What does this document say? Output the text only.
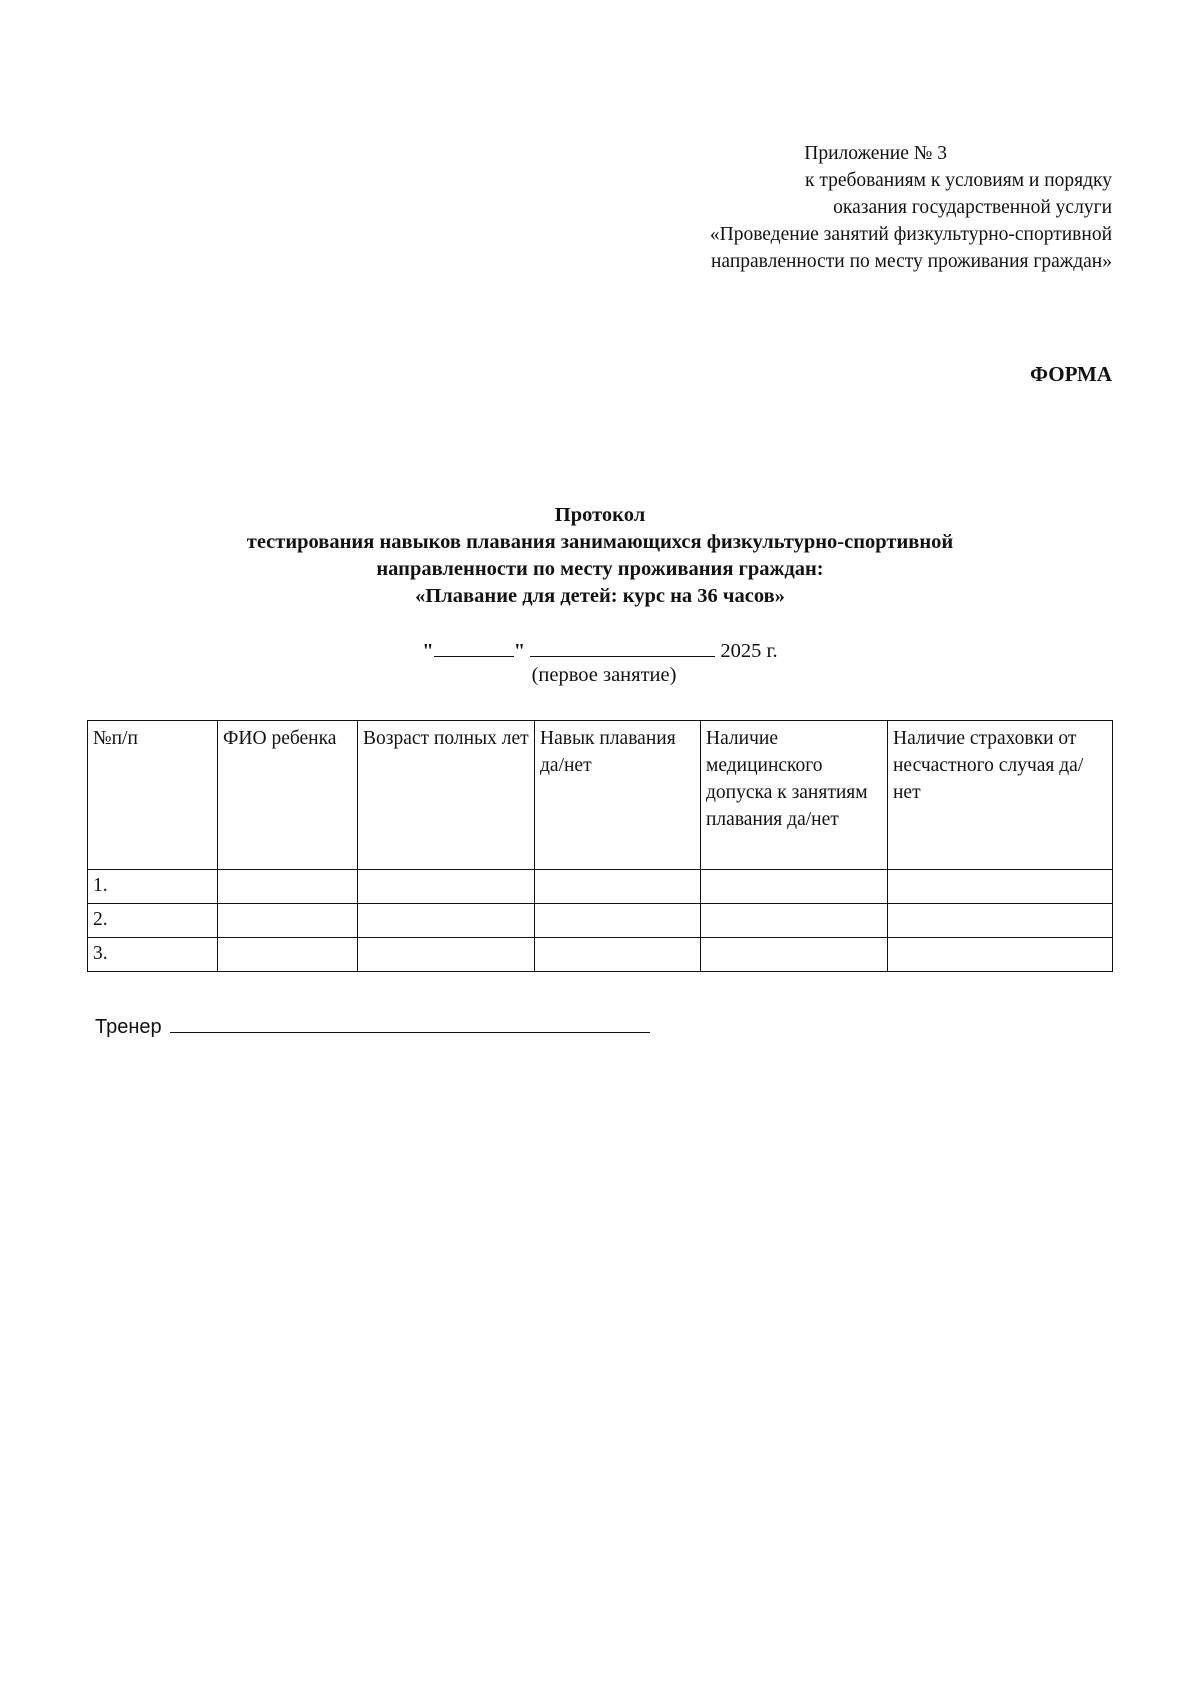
Приложение № 3
к требованиям к условиям и порядку
оказания государственной услуги
«Проведение занятий физкультурно-спортивной
направленности по месту проживания граждан»
ФОРМА
Протокол
тестирования навыков плавания занимающихся физкультурно-спортивной
направленности по месту проживания граждан:
«Плавание для детей: курс на 36 часов»
"	"	2025 г.
(первое занятие)
№п/п	ФИО ребенка	Возраст полных лет	Навык плавания да/нет	Наличие медицинского допуска к занятиям плавания да/нет	Наличие страховки от несчастного случая да/нет
1.					
2.					
3.					
Тренер
